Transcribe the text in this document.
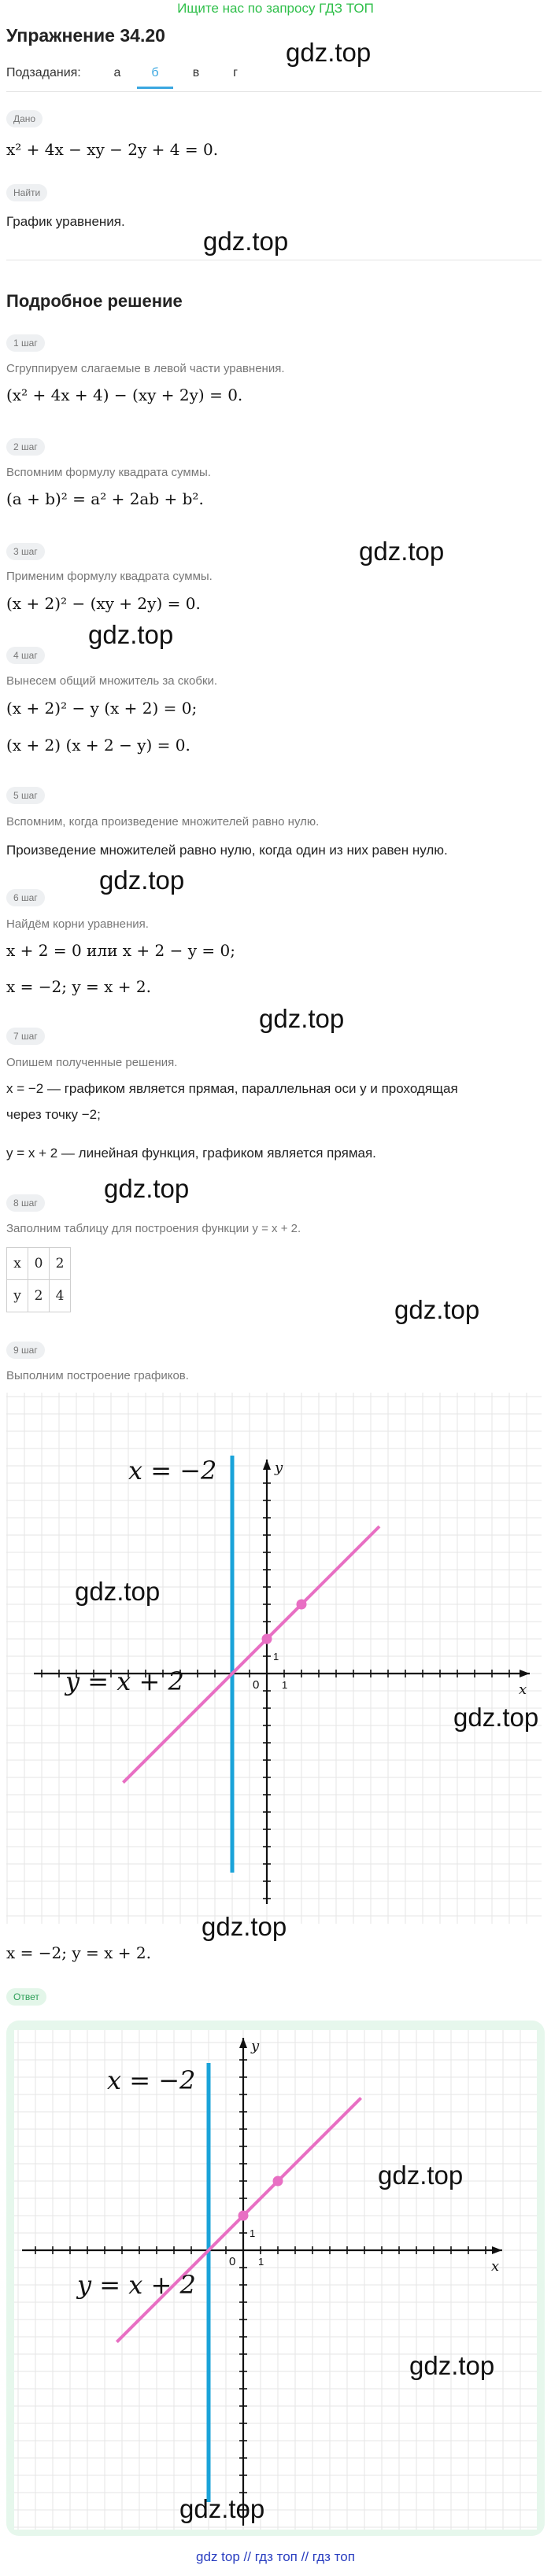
Ищите нас по запросу ГДЗ ТОП
Упражнение 34.20
Подзадания:	а	б	в	г
Дано
x² + 4x − xy − 2y + 4 = 0.
Найти
График уравнения.
Подробное решение
1 шаг
Сгруппируем слагаемые в левой части уравнения.
(x² + 4x + 4) − (xy + 2y) = 0.
2 шаг
Вспомним формулу квадрата суммы.
(a + b)² = a² + 2ab + b².
3 шаг
Применим формулу квадрата суммы.
(x + 2)² − (xy + 2y) = 0.
4 шаг
Вынесем общий множитель за скобки.
(x + 2)² − y (x + 2) = 0;
(x + 2) (x + 2 − y) = 0.
5 шаг
Вспомним, когда произведение множителей равно нулю.
Произведение множителей равно нулю, когда один из них равен нулю.
6 шаг
Найдём корни уравнения.
x + 2 = 0 или x + 2 − y = 0;
x = −2; y = x + 2.
7 шаг
Опишем полученные решения.
x = −2 — графиком является прямая, параллельная оси y и проходящая
через точку −2;
y = x + 2 — линейная функция, графиком является прямая.
8 шаг
Заполним таблицу для построения функции y = x + 2.
x	0	2
y	2	4
9 шаг
Выполним построение графиков.
x = −2
y = x + 2	x
y
0
1
1
x = −2; y = x + 2.
Ответ
x = −2
y = x + 2
x
y
0
1
1
gdz.top
gdz.top
gdz.top
gdz.top
gdz.top
gdz.top
gdz.top
gdz.top
gdz.top
gdz.top
gdz.top
gdz.top
gdz.top
gdz.top
gdz top // гдз топ // гдз топ
